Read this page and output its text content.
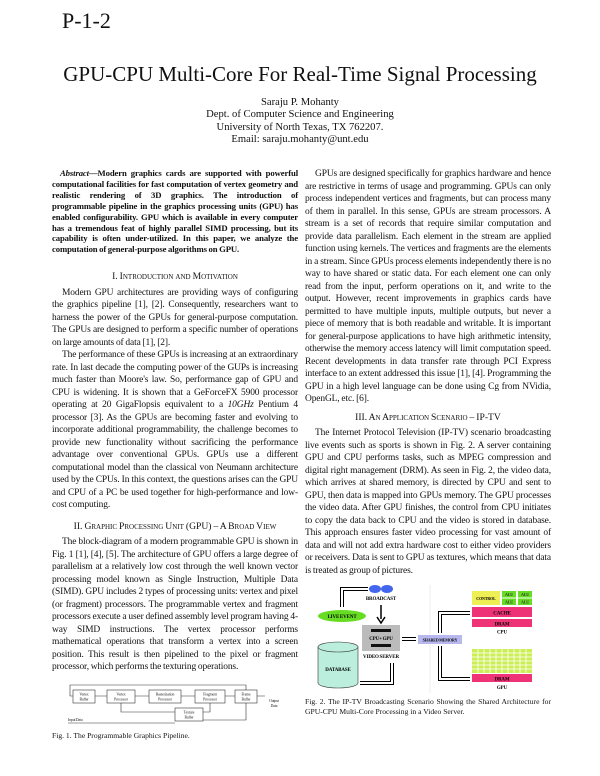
P-1-2
GPU-CPU Multi-Core For Real-Time Signal Processing
Saraju P. Mohanty
Dept. of Computer Science and Engineering
University of North Texas, TX 762207.
Email: saraju.mohanty@unt.edu

Abstract—Modern graphics cards are supported with powerful computational facilities for fast computation of vertex geometry and realistic rendering of 3D graphics. The introduction of programmable pipeline in the graphics processing units (GPU) has enabled configurability. GPU which is available in every computer has a tremendous feat of highly parallel SIMD processing, but its capability is often under-utilized. In this paper, we analyze the computation of general-purpose algorithms on GPU.

I. Introduction and Motivation

Modern GPU architectures are providing ways of configuring the graphics pipeline [1], [2]. Consequently, researchers want to harness the power of the GPUs for general-purpose computation. The GPUs are designed to perform a specific number of operations on large amounts of data [1], [2].

The performance of these GPUs is increasing at an extraordinary rate. In last decade the computing power of the GUPs is increasing much faster than Moore's law. So, performance gap of GPU and CPU is widening. It is shown that a GeForceFX 5900 processor operating at 20 GigaFlopsis equivalent to a 10GHz Pentium 4 processor [3]. As the GPUs are becoming faster and evolving to incorporate additional programmability, the challenge becomes to provide new functionality without sacrificing the performance advantage over conventional GPUs. GPUs use a different computational model than the classical von Neumann architecture used by the CPUs. In this context, the questions arises can the GPU and CPU of a PC be used together for high-performance and low-cost computing.

II. Graphic Processing Unit (GPU) – A Broad View

The block-diagram of a modern programmable GPU is shown in Fig. 1 [1], [4], [5]. The architecture of GPU offers a large degree of parallelism at a relatively low cost through the well known vector processing model known as Single Instruction, Multiple Data (SIMD). GPU includes 2 types of processing units: vertex and pixel (or fragment) processors. The programmable vertex and fragment processors execute a user defined assembly level program having 4-way SIMD instructions. The vertex processor performs mathematical operations that transform a vertex into a screen position. This result is then pipelined to the pixel or fragment processor, which performs the texturing operations.

Vertex
Buffer
Vertex
Processor
Rasterization
Processor
Fragment
Processor
Frame
Buffer
Texture
Buffer
Output
Data
Input Data
Fig. 1. The Programmable Graphics Pipeline.

GPUs are designed specifically for graphics hardware and hence are restrictive in terms of usage and programming. GPUs can only process independent vertices and fragments, but can process many of them in parallel. In this sense, GPUs are stream processors. A stream is a set of records that require similar computation and provide data parallelism. Each element in the stream are applied function using kernels. The vertices and fragments are the elements in a stream. Since GPUs process elements independently there is no way to have shared or static data. For each element one can only read from the input, perform operations on it, and write to the output. However, recent improvements in graphics cards have permitted to have multiple inputs, multiple outputs, but never a piece of memory that is both readable and writable. It is important for general-purpose applications to have high arithmetic intensity, otherwise the memory access latency will limit computation speed. Recent developments in data transfer rate through PCI Express interface to an extent addressed this issue [1], [4]. Programming the GPU in a high level language can be done using Cg from NVidia, OpenGL, etc. [6].

III. An Application Scenario – IP-TV

The Internet Protocol Television (IP-TV) scenario broadcasting live events such as sports is shown in Fig. 2. A server containing GPU and CPU performs tasks, such as MPEG compression and digital right management (DRM). As seen in Fig. 2, the video data, which arrives at shared memory, is directed by CPU and sent to GPU, then data is mapped into GPUs memory. The GPU processes the video data. After GPU finishes, the control from CPU initiates to copy the data back to CPU and the video is stored in database. This approach ensures faster video processing for vast amount of data and will not add extra hardware cost to either video providers or receivers. Data is sent to GPU as textures, which means that data is treated as group of pictures.

BROADCAST
LIVE EVENT
CPU+ GPU
VIDEO SERVER
DATABASE
SHARED MEMORY
CONTROL
ALU ALU
ALU ALU
CACHE
DRAM
CPU
DRAM
GPU
Fig. 2. The IP-TV Broadcasting Scenario Showing the Shared Architecture for GPU-CPU Multi-Core Processing in a Video Server.
